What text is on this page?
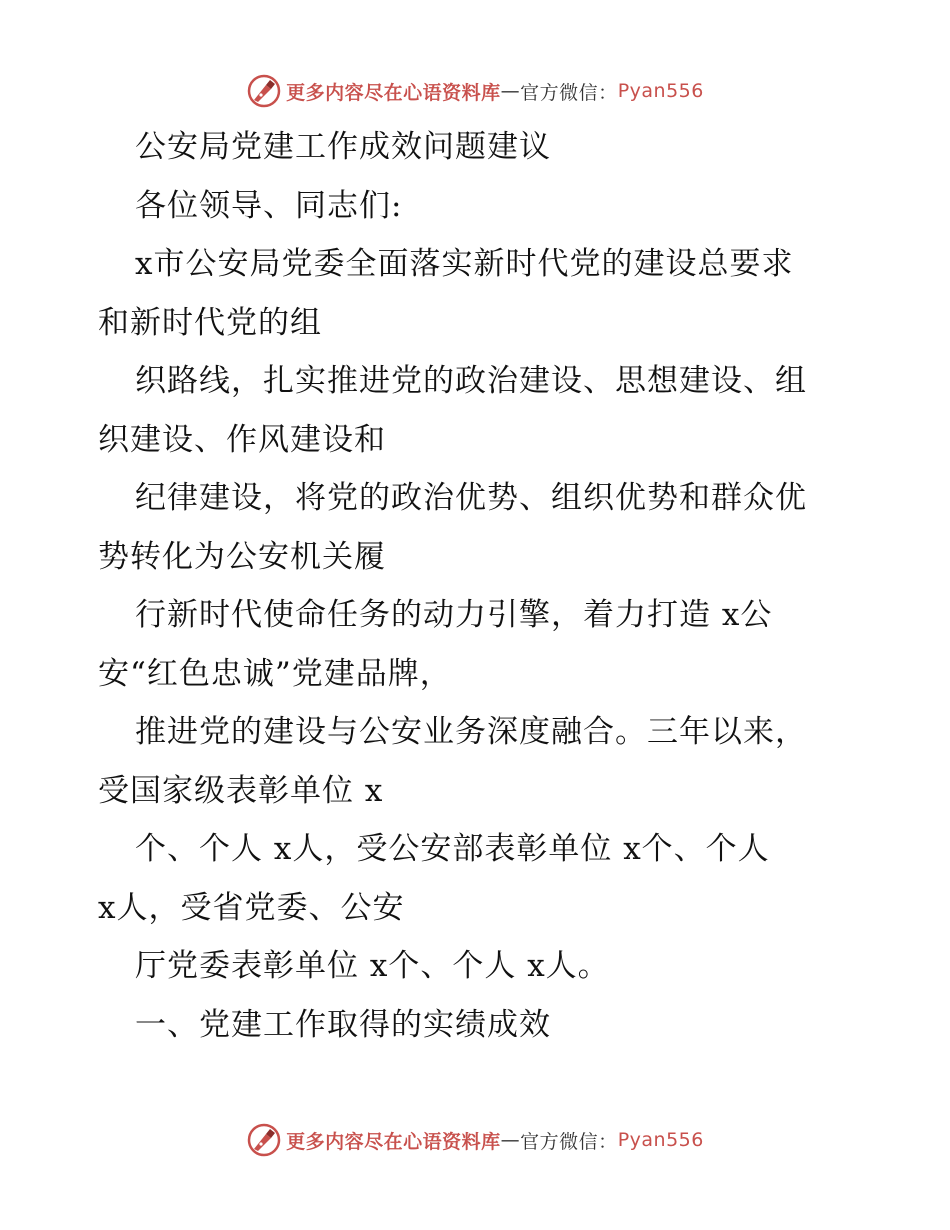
更多内容尽在心语资料库 — 官方微信： Pyan556
公安局党建工作成效问题建议
各位领导、同志们:
x市公安局党委全面落实新时代党的建设总要求
和新时代党的组
织路线，扎实推进党的政治建设、思想建设、组
织建设、作风建设和
纪律建设，将党的政治优势、组织优势和群众优
势转化为公安机关履
行新时代使命任务的动力引擎，着力打造 x公
安“红色忠诚”党建品牌，
推进党的建设与公安业务深度融合。三年以来，
受国家级表彰单位 x
个、个人 x人，受公安部表彰单位 x个、个人
x人，受省党委、公安
厅党委表彰单位 x个、个人 x人。
一、党建工作取得的实绩成效
更多内容尽在心语资料库 — 官方微信： Pyan556
